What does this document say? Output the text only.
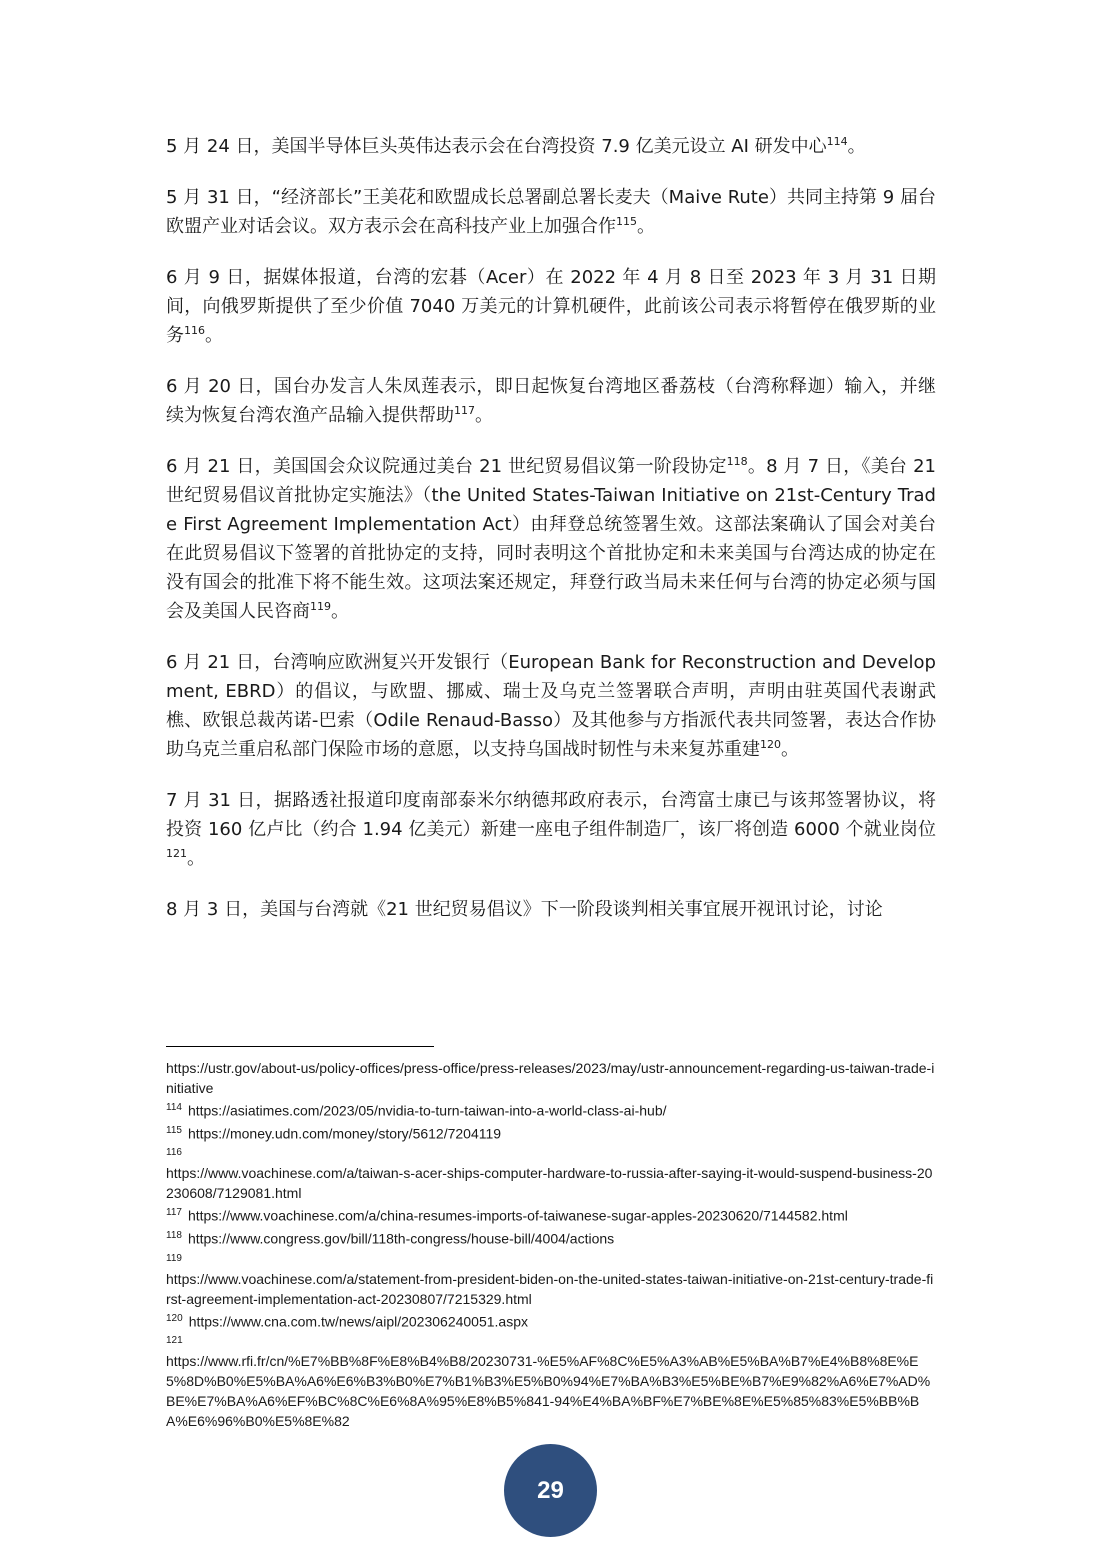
5 月 24 日，美国半导体巨头英伟达表示会在台湾投资 7.9 亿美元设立 AI 研发中心$^{114}$。

5 月 31 日，“经济部长”王美花和欧盟成长总署副总署长麦夫（Maive Rute）共同主持第 9 届台欧盟产业对话会议。双方表示会在高科技产业上加强合作$^{115}$。

6 月 9 日，据媒体报道，台湾的宏碁（Acer）在 2022 年 4 月 8 日至 2023 年 3 月 31 日期间，向俄罗斯提供了至少价值 7040 万美元的计算机硬件，此前该公司表示将暂停在俄罗斯的业务$^{116}$。

6 月 20 日，国台办发言人朱凤莲表示，即日起恢复台湾地区番荔枝（台湾称释迦）输入，并继续为恢复台湾农渔产品输入提供帮助$^{117}$。

6 月 21 日，美国国会众议院通过美台 21 世纪贸易倡议第一阶段协定$^{118}$。8 月 7 日，《美台 21 世纪贸易倡议首批协定实施法》（the United States-Taiwan Initiative on 21st-Century Trade First Agreement Implementation Act）由拜登总统签署生效。这部法案确认了国会对美台在此贸易倡议下签署的首批协定的支持，同时表明这个首批协定和未来美国与台湾达成的协定在没有国会的批准下将不能生效。这项法案还规定，拜登行政当局未来任何与台湾的协定必须与国会及美国人民咨商$^{119}$。

6 月 21 日，台湾响应欧洲复兴开发银行（European Bank for Reconstruction and Development, EBRD）的倡议，与欧盟、挪威、瑞士及乌克兰签署联合声明，声明由驻英国代表谢武樵、欧银总裁芮诺-巴索（Odile Renaud-Basso）及其他参与方指派代表共同签署，表达合作协助乌克兰重启私部门保险市场的意愿，以支持乌国战时韧性与未来复苏重建$^{120}$。

7 月 31 日，据路透社报道印度南部泰米尔纳德邦政府表示，台湾富士康已与该邦签署协议，将投资 160 亿卢比（约合 1.94 亿美元）新建一座电子组件制造厂，该厂将创造 6000 个就业岗位$^{121}$。

8 月 3 日，美国与台湾就《21 世纪贸易倡议》下一阶段谈判相关事宜展开视讯讨论，讨论

https://ustr.gov/about-us/policy-offices/press-office/press-releases/2023/may/ustr-announcement-regarding-us-taiwan-trade-initiative

$^{114}$ https://asiatimes.com/2023/05/nvidia-to-turn-taiwan-into-a-world-class-ai-hub/

$^{115}$ https://money.udn.com/money/story/5612/7204119

116
https://www.voachinese.com/a/taiwan-s-acer-ships-computer-hardware-to-russia-after-saying-it-would-suspend-business-20230608/7129081.html

$^{117}$ https://www.voachinese.com/a/china-resumes-imports-of-taiwanese-sugar-apples-20230620/7144582.html

$^{118}$ https://www.congress.gov/bill/118th-congress/house-bill/4004/actions

119
https://www.voachinese.com/a/statement-from-president-biden-on-the-united-states-taiwan-initiative-on-21st-century-trade-first-agreement-implementation-act-20230807/7215329.html

$^{120}$ https://www.cna.com.tw/news/aipl/202306240051.aspx

121
https://www.rfi.fr/cn/%E7%BB%8F%E8%B4%B8/20230731-%E5%AF%8C%E5%A3%AB%E5%BA%B7%E4%B8%8E%E5%8D%B0%E5%BA%A6%E6%B3%B0%E7%B1%B3%E5%B0%94%E7%BA%B3%E5%BE%B7%E9%82%A6%E7%AD%BE%E7%BA%A6%EF%BC%8C%E6%8A%95%E8%B5%841-94%E4%BA%BF%E7%BE%8E%E5%85%83%E5%BB%BA%E6%96%B0%E5%8E%82

29
